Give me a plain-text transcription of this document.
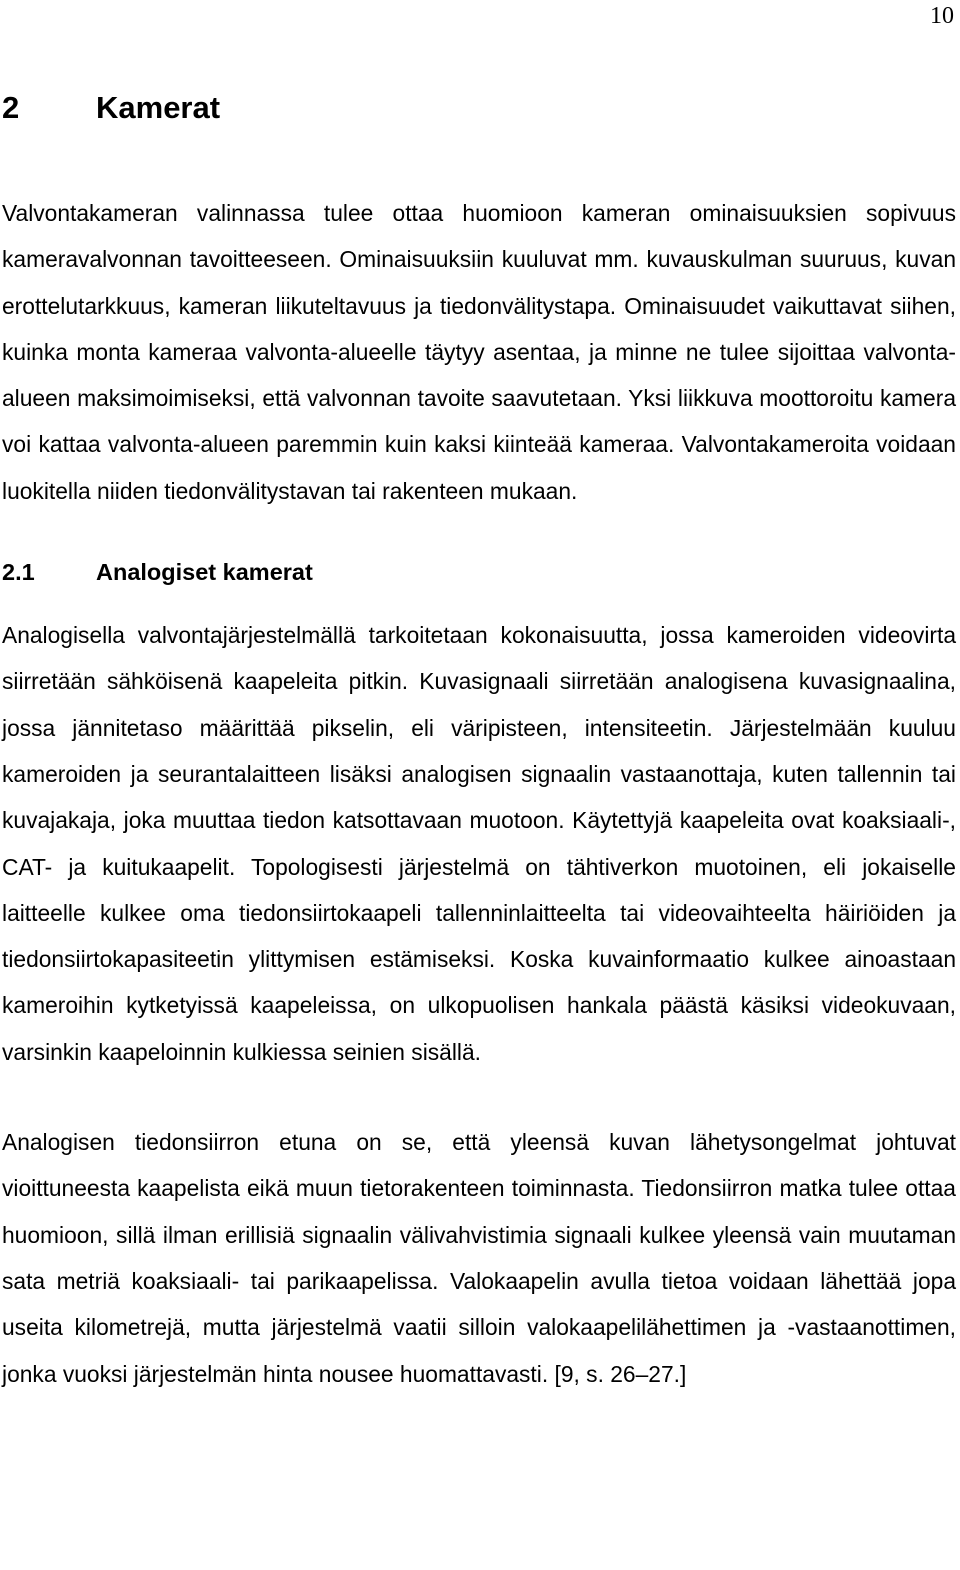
10
2	Kamerat

Valvontakameran valinnassa tulee ottaa huomioon kameran ominaisuuksien sopivuus kameravalvonnan tavoitteeseen. Ominaisuuksiin kuuluvat mm. kuvauskulman suuruus, kuvan erottelutarkkuus, kameran liikuteltavuus ja tiedonvälitystapa. Ominaisuudet vaikuttavat siihen, kuinka monta kameraa valvonta-alueelle täytyy asentaa, ja minne ne tulee sijoittaa valvonta-alueen maksimoimiseksi, että valvonnan tavoite saavutetaan. Yksi liikkuva moottoroitu kamera voi kattaa valvonta-alueen paremmin kuin kaksi kiinteää kameraa. Valvontakameroita voidaan luokitella niiden tiedonvälitystavan tai rakenteen mukaan.

2.1	Analogiset kamerat

Analogisella valvontajärjestelmällä tarkoitetaan kokonaisuutta, jossa kameroiden videovirta siirretään sähköisenä kaapeleita pitkin. Kuvasignaali siirretään analogisena kuvasignaalina, jossa jännitetaso määrittää pikselin, eli väripisteen, intensiteetin. Järjestelmään kuuluu kameroiden ja seurantalaitteen lisäksi analogisen signaalin vastaanottaja, kuten tallennin tai kuvajakaja, joka muuttaa tiedon katsottavaan muotoon. Käytettyjä kaapeleita ovat koaksiaali-, CAT- ja kuitukaapelit. Topologisesti järjestelmä on tähtiverkon muotoinen, eli jokaiselle laitteelle kulkee oma tiedonsiirtokaapeli tallenninlaitteelta tai videovaihteelta häiriöiden ja tiedonsiirtokapasiteetin ylittymisen estämiseksi. Koska kuvainformaatio kulkee ainoastaan kameroihin kytketyissä kaapeleissa, on ulkopuolisen hankala päästä käsiksi videokuvaan, varsinkin kaapeloinnin kulkiessa seinien sisällä.

Analogisen tiedonsiirron etuna on se, että yleensä kuvan lähetysongelmat johtuvat vioittuneesta kaapelista eikä muun tietorakenteen toiminnasta. Tiedonsiirron matka tulee ottaa huomioon, sillä ilman erillisiä signaalin välivahvistimia signaali kulkee yleensä vain muutaman sata metriä koaksiaali- tai parikaapelissa. Valokaapelin avulla tietoa voidaan lähettää jopa useita kilometrejä, mutta järjestelmä vaatii silloin valokaapelilähettimen ja -vastaanottimen, jonka vuoksi järjestelmän hinta nousee huomattavasti. [9, s. 26–27.]
